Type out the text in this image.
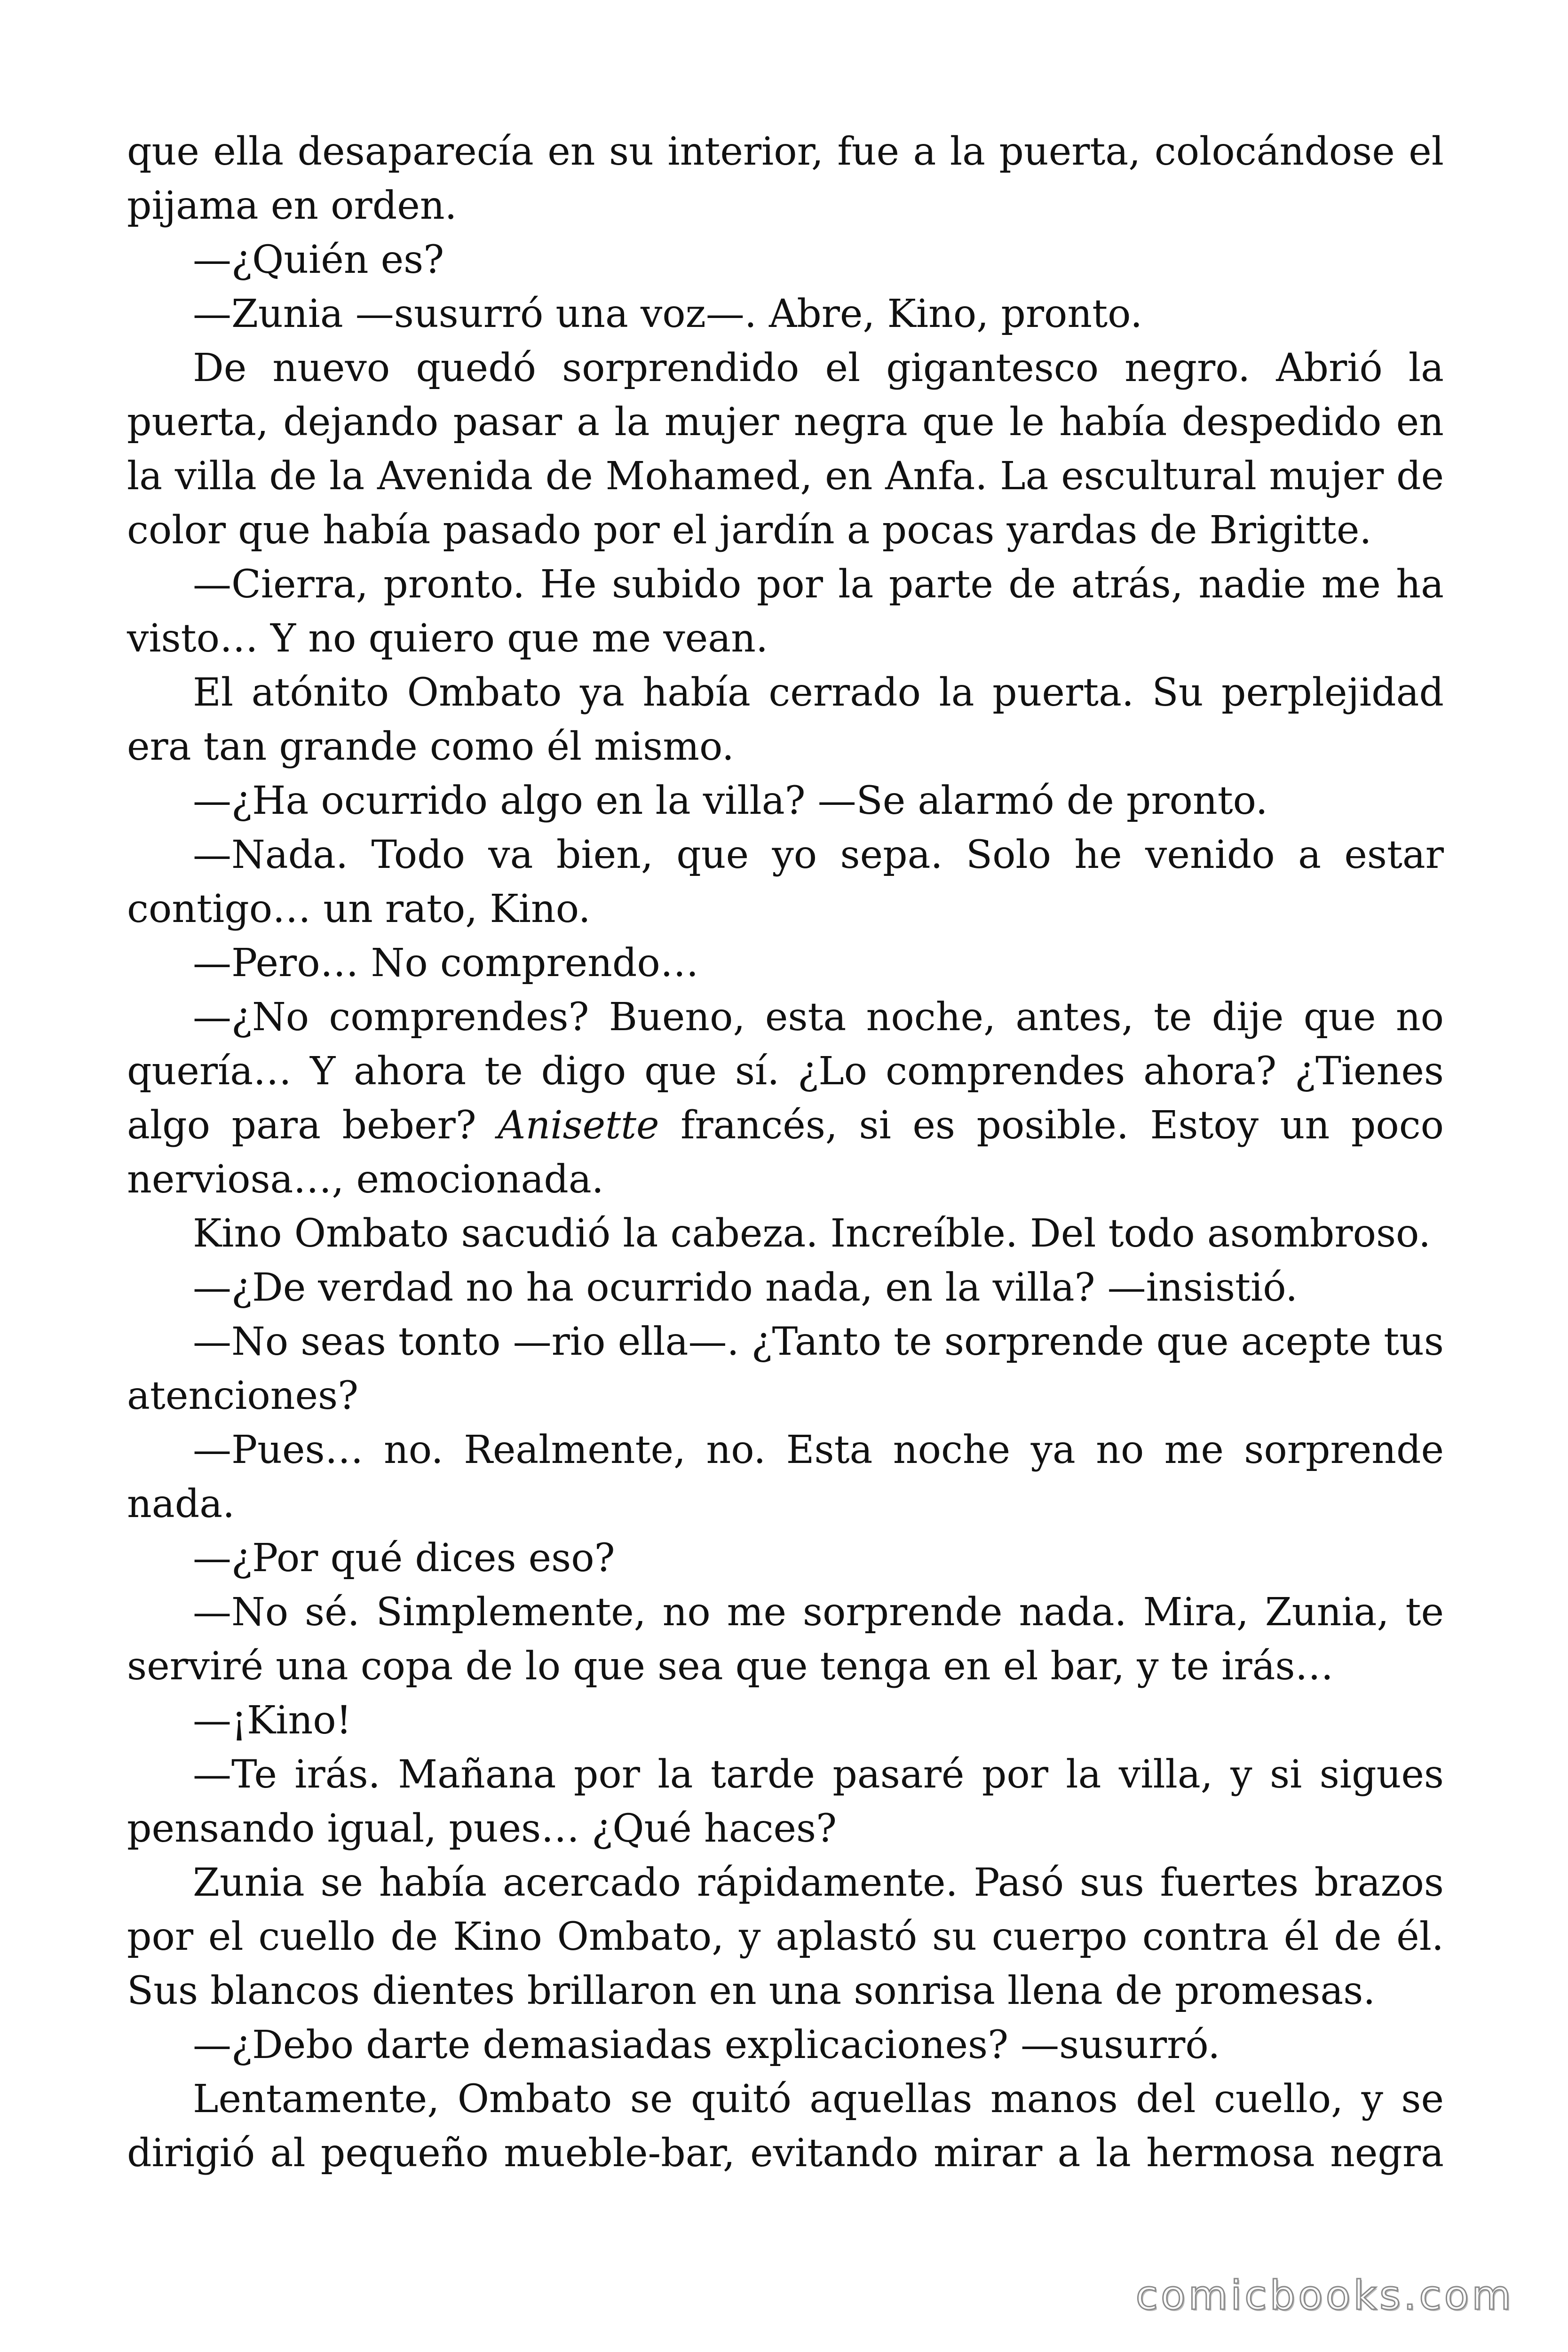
que ella desaparecía en su interior, fue a la puerta, colocándose el pijama en orden.

—¿Quién es?

—Zunia —susurró una voz—. Abre, Kino, pronto.

De nuevo quedó sorprendido el gigantesco negro. Abrió la puerta, dejando pasar a la mujer negra que le había despedido en la villa de la Avenida de Mohamed, en Anfa. La escultural mujer de color que había pasado por el jardín a pocas yardas de Brigitte.

—Cierra, pronto. He subido por la parte de atrás, nadie me ha visto… Y no quiero que me vean.

El atónito Ombato ya había cerrado la puerta. Su perplejidad era tan grande como él mismo.

—¿Ha ocurrido algo en la villa? —Se alarmó de pronto.

—Nada. Todo va bien, que yo sepa. Solo he venido a estar contigo… un rato, Kino.

—Pero… No comprendo…

—¿No comprendes? Bueno, esta noche, antes, te dije que no quería… Y ahora te digo que sí. ¿Lo comprendes ahora? ¿Tienes algo para beber? Anisette francés, si es posible. Estoy un poco nerviosa…, emocionada.

Kino Ombato sacudió la cabeza. Increíble. Del todo asombroso.

—¿De verdad no ha ocurrido nada, en la villa? —insistió.

—No seas tonto —rio ella—. ¿Tanto te sorprende que acepte tus atenciones?

—Pues… no. Realmente, no. Esta noche ya no me sorprende nada.

—¿Por qué dices eso?

—No sé. Simplemente, no me sorprende nada. Mira, Zunia, te serviré una copa de lo que sea que tenga en el bar, y te irás…

—¡Kino!

—Te irás. Mañana por la tarde pasaré por la villa, y si sigues pensando igual, pues… ¿Qué haces?

Zunia se había acercado rápidamente. Pasó sus fuertes brazos por el cuello de Kino Ombato, y aplastó su cuerpo contra él de él. Sus blancos dientes brillaron en una sonrisa llena de promesas.

—¿Debo darte demasiadas explicaciones? —susurró.

Lentamente, Ombato se quitó aquellas manos del cuello, y se dirigió al pequeño mueble-bar, evitando mirar a la hermosa negra

comicbooks.com
